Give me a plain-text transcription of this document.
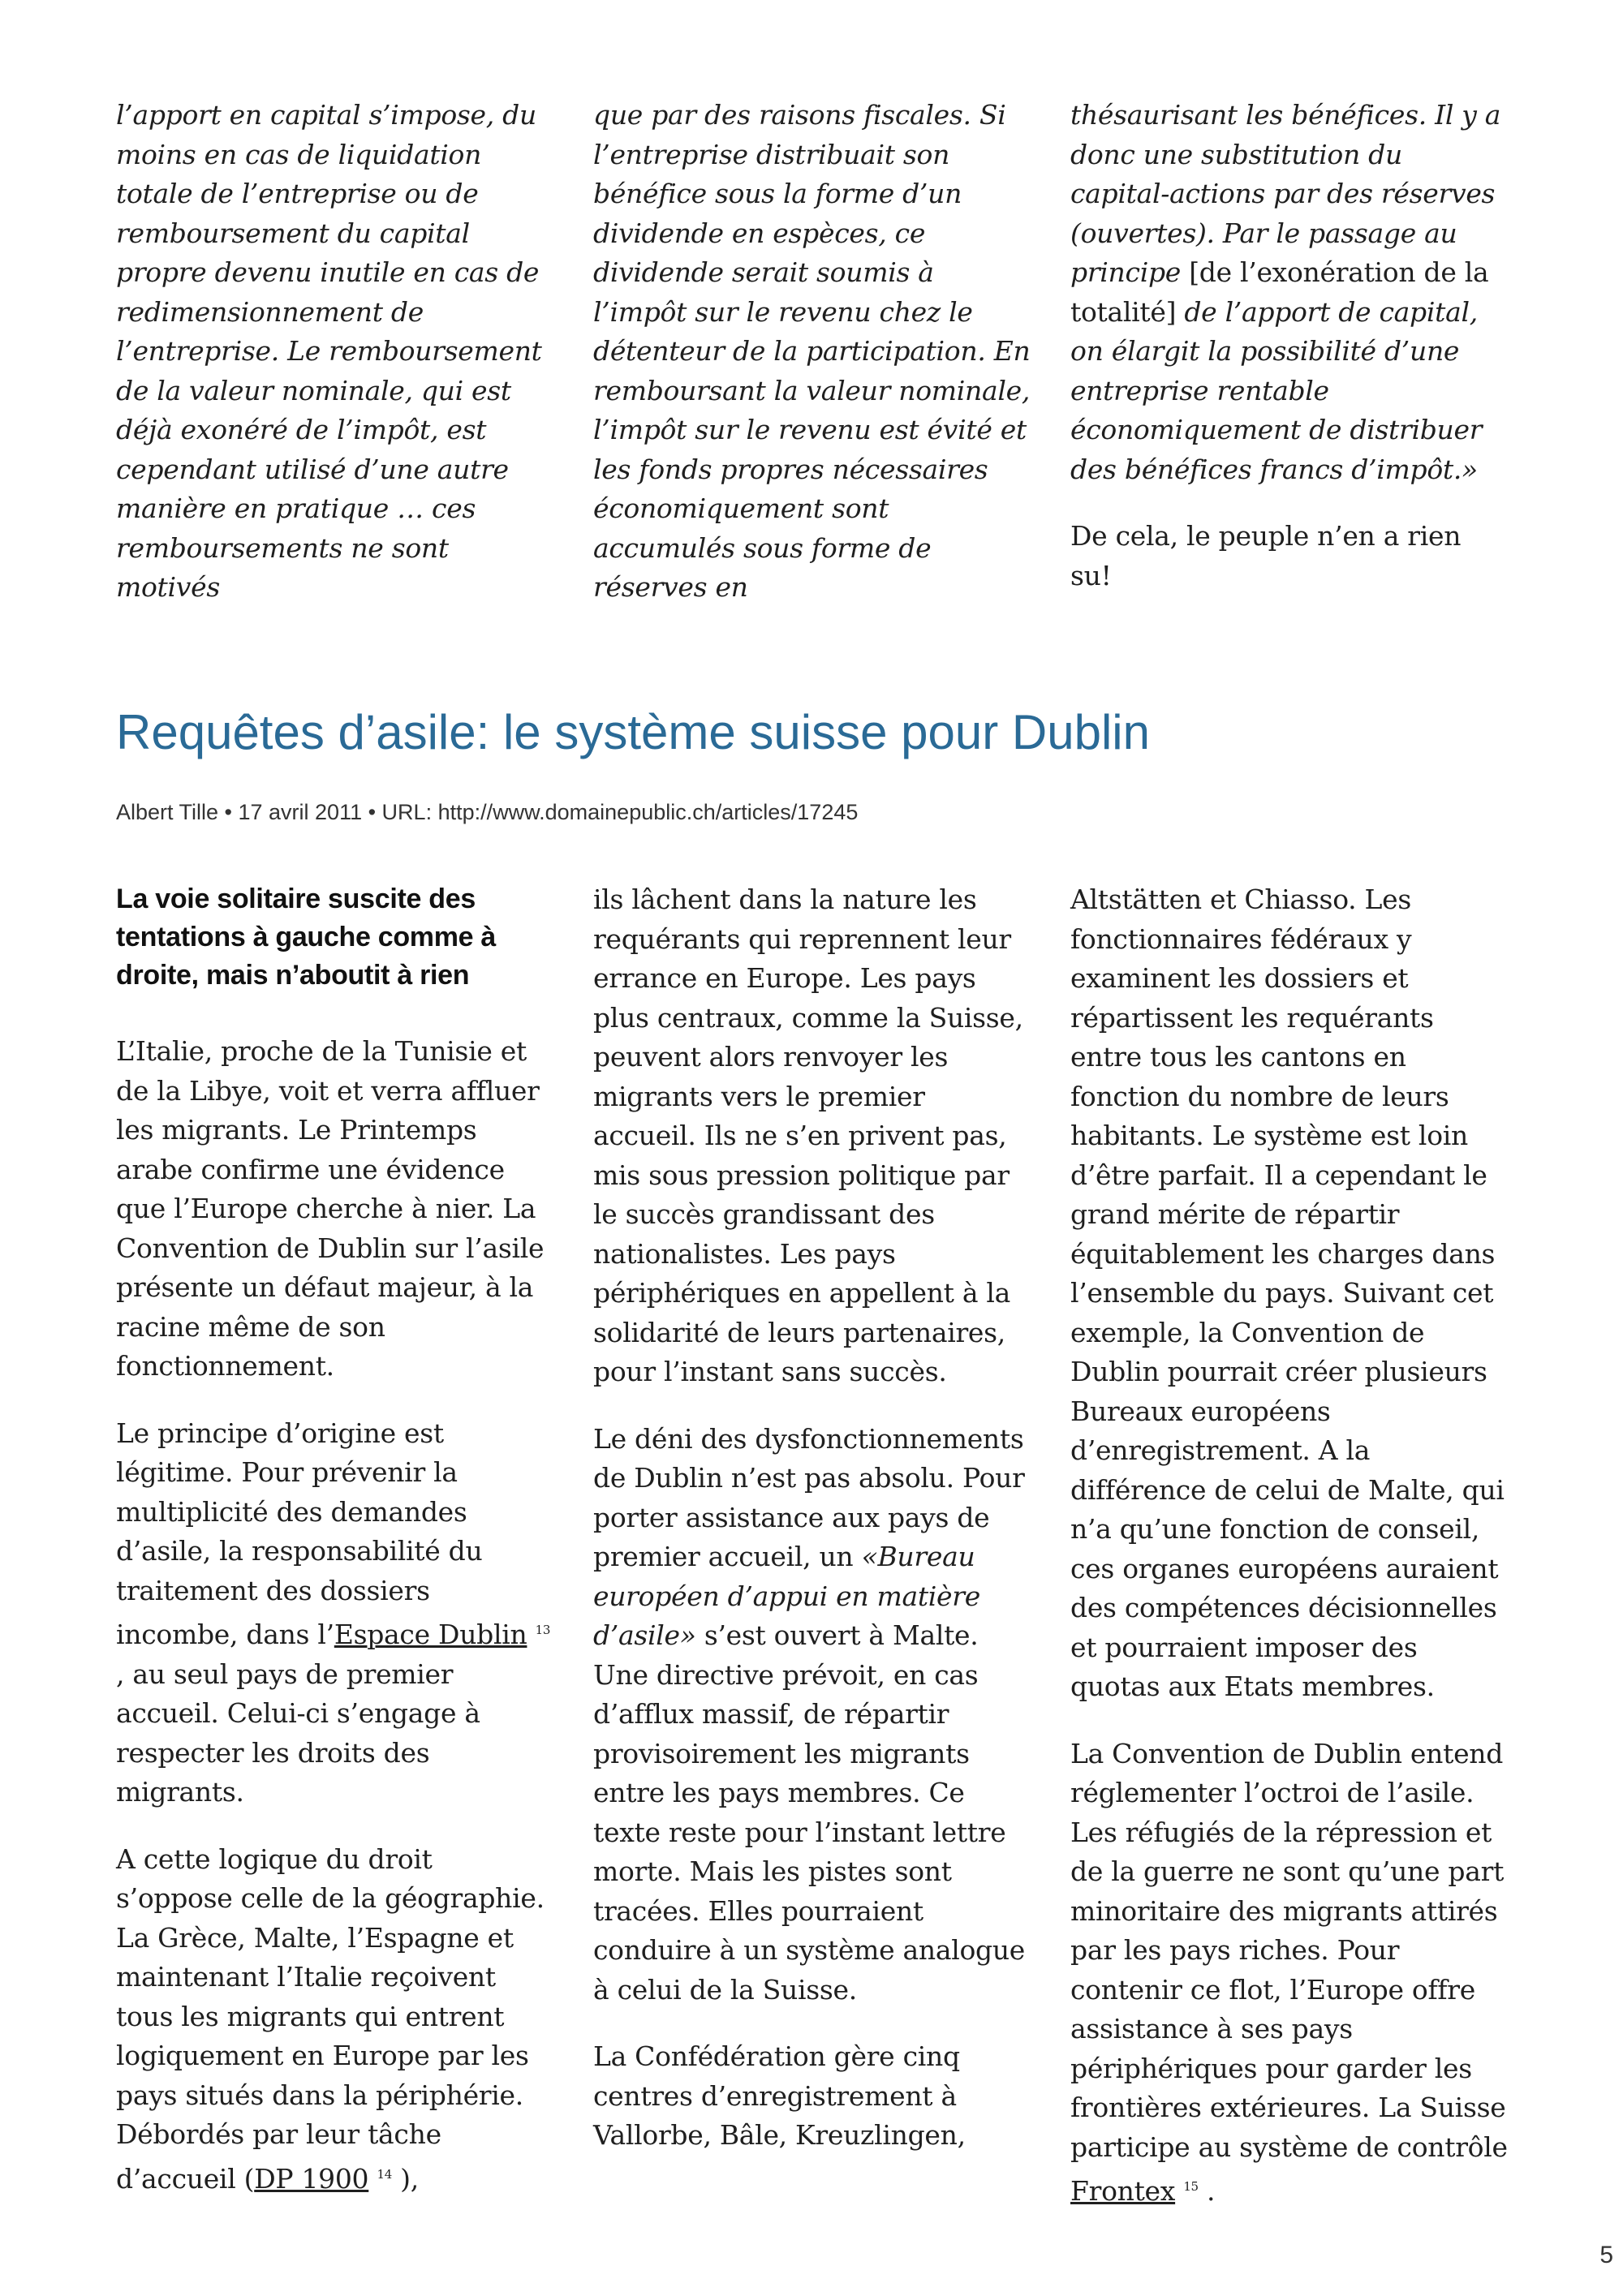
l’apport en capital s’impose, du moins en cas de liquidation totale de l’entreprise ou de remboursement du capital propre devenu inutile en cas de redimensionnement de l’entreprise. Le remboursement de la valeur nominale, qui est déjà exonéré de l’impôt, est cependant utilisé d’une autre manière en pratique … ces remboursements ne sont motivés

que par des raisons fiscales. Si l’entreprise distribuait son bénéfice sous la forme d’un dividende en espèces, ce dividende serait soumis à l’impôt sur le revenu chez le détenteur de la participation. En remboursant la valeur nominale, l’impôt sur le revenu est évité et les fonds propres nécessaires économiquement sont accumulés sous forme de réserves en

thésaurisant les bénéfices. Il y a donc une substitution du capital-actions par des réserves (ouvertes). Par le passage au principe [de l’exonération de la totalité] de l’apport de capital, on élargit la possibilité d’une entreprise rentable économiquement de distribuer des bénéfices francs d’impôt.»

De cela, le peuple n’en a rien su!

Requêtes d’asile: le système suisse pour Dublin
Albert Tille • 17 avril 2011 • URL: http://www.domainepublic.ch/articles/17245

La voie solitaire suscite des tentations à gauche comme à droite, mais n’aboutit à rien

L’Italie, proche de la Tunisie et de la Libye, voit et verra affluer les migrants. Le Printemps arabe confirme une évidence que l’Europe cherche à nier. La Convention de Dublin sur l’asile présente un défaut majeur, à la racine même de son fonctionnement.

Le principe d’origine est légitime. Pour prévenir la multiplicité des demandes d’asile, la responsabilité du traitement des dossiers incombe, dans l’Espace Dublin $^{13}$ , au seul pays de premier accueil. Celui-ci s’engage à respecter les droits des migrants.

A cette logique du droit s’oppose celle de la géographie. La Grèce, Malte, l’Espagne et maintenant l’Italie reçoivent tous les migrants qui entrent logiquement en Europe par les pays situés dans la périphérie. Débordés par leur tâche d’accueil (DP 1900 $^{14}$ ),

ils lâchent dans la nature les requérants qui reprennent leur errance en Europe. Les pays plus centraux, comme la Suisse, peuvent alors renvoyer les migrants vers le premier accueil. Ils ne s’en privent pas, mis sous pression politique par le succès grandissant des nationalistes. Les pays périphériques en appellent à la solidarité de leurs partenaires, pour l’instant sans succès.

Le déni des dysfonctionnements de Dublin n’est pas absolu. Pour porter assistance aux pays de premier accueil, un «Bureau européen d’appui en matière d’asile» s’est ouvert à Malte. Une directive prévoit, en cas d’afflux massif, de répartir provisoirement les migrants entre les pays membres. Ce texte reste pour l’instant lettre morte. Mais les pistes sont tracées. Elles pourraient conduire à un système analogue à celui de la Suisse.

La Confédération gère cinq centres d’enregistrement à Vallorbe, Bâle, Kreuzlingen,

Altstätten et Chiasso. Les fonctionnaires fédéraux y examinent les dossiers et répartissent les requérants entre tous les cantons en fonction du nombre de leurs habitants. Le système est loin d’être parfait. Il a cependant le grand mérite de répartir équitablement les charges dans l’ensemble du pays. Suivant cet exemple, la Convention de Dublin pourrait créer plusieurs Bureaux européens d’enregistrement. A la différence de celui de Malte, qui n’a qu’une fonction de conseil, ces organes européens auraient des compétences décisionnelles et pourraient imposer des quotas aux Etats membres.

La Convention de Dublin entend réglementer l’octroi de l’asile. Les réfugiés de la répression et de la guerre ne sont qu’une part minoritaire des migrants attirés par les pays riches. Pour contenir ce flot, l’Europe offre assistance à ses pays périphériques pour garder les frontières extérieures. La Suisse participe au système de contrôle Frontex $^{15}$ .

5
